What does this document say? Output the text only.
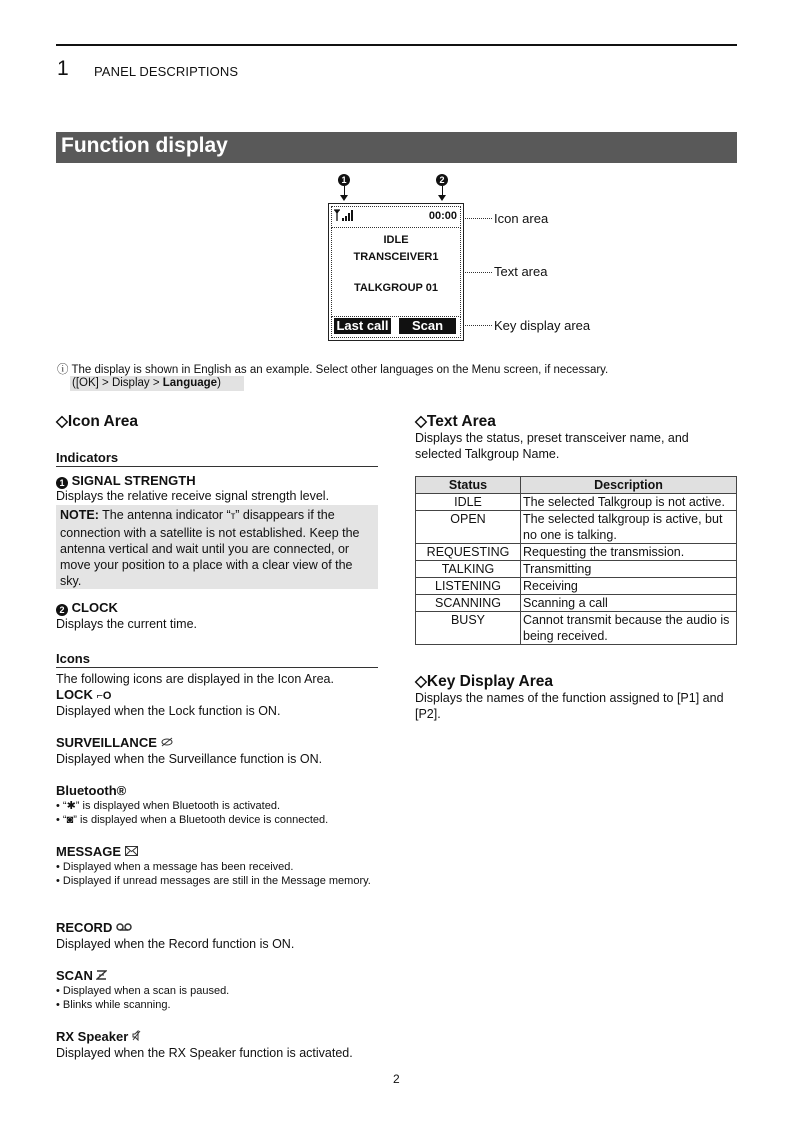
1 PANEL DESCRIPTIONS
Function display
1	2
00:00
IDLE
TRANSCEIVER1
TALKGROUP 01
Last call	Scan
Icon area
Text area
Key display area
ⓘ The display is shown in English as an example. Select other languages on the Menu screen, if necessary.
([OK] > Display > Language)
◇Icon Area
Indicators
1 SIGNAL STRENGTH
Displays the relative receive signal strength level.

NOTE: The antenna indicator “т” disappears if the connection with a satellite is not established. Keep the antenna vertical and wait until you are connected, or move your position to a place with a clear view of the sky.

2 CLOCK
Displays the current time.
Icons
The following icons are displayed in the Icon Area.
LOCK ⌐O
Displayed when the Lock function is ON.
SURVEILLANCE
Displayed when the Surveillance function is ON.
Bluetooth®
• “✱” is displayed when Bluetooth is activated.
• “◙” is displayed when a Bluetooth device is connected.
MESSAGE
• Displayed when a message has been received.
• Displayed if unread messages are still in the Message memory.
RECORD
Displayed when the Record function is ON.
SCAN
• Displayed when a scan is paused.
• Blinks while scanning.
RX Speaker
Displayed when the RX Speaker function is activated.
◇Text Area
Displays the status, preset transceiver name, and selected Talkgroup Name.
Status	Description
IDLE	The selected Talkgroup is not active.
OPEN	The selected talkgroup is active, but no one is talking.
REQUESTING	Requesting the transmission.
TALKING	Transmitting
LISTENING	Receiving
SCANNING	Scanning a call
BUSY	Cannot transmit because the audio is being received.
◇Key Display Area
Displays the names of the function assigned to [P1] and [P2].
2
